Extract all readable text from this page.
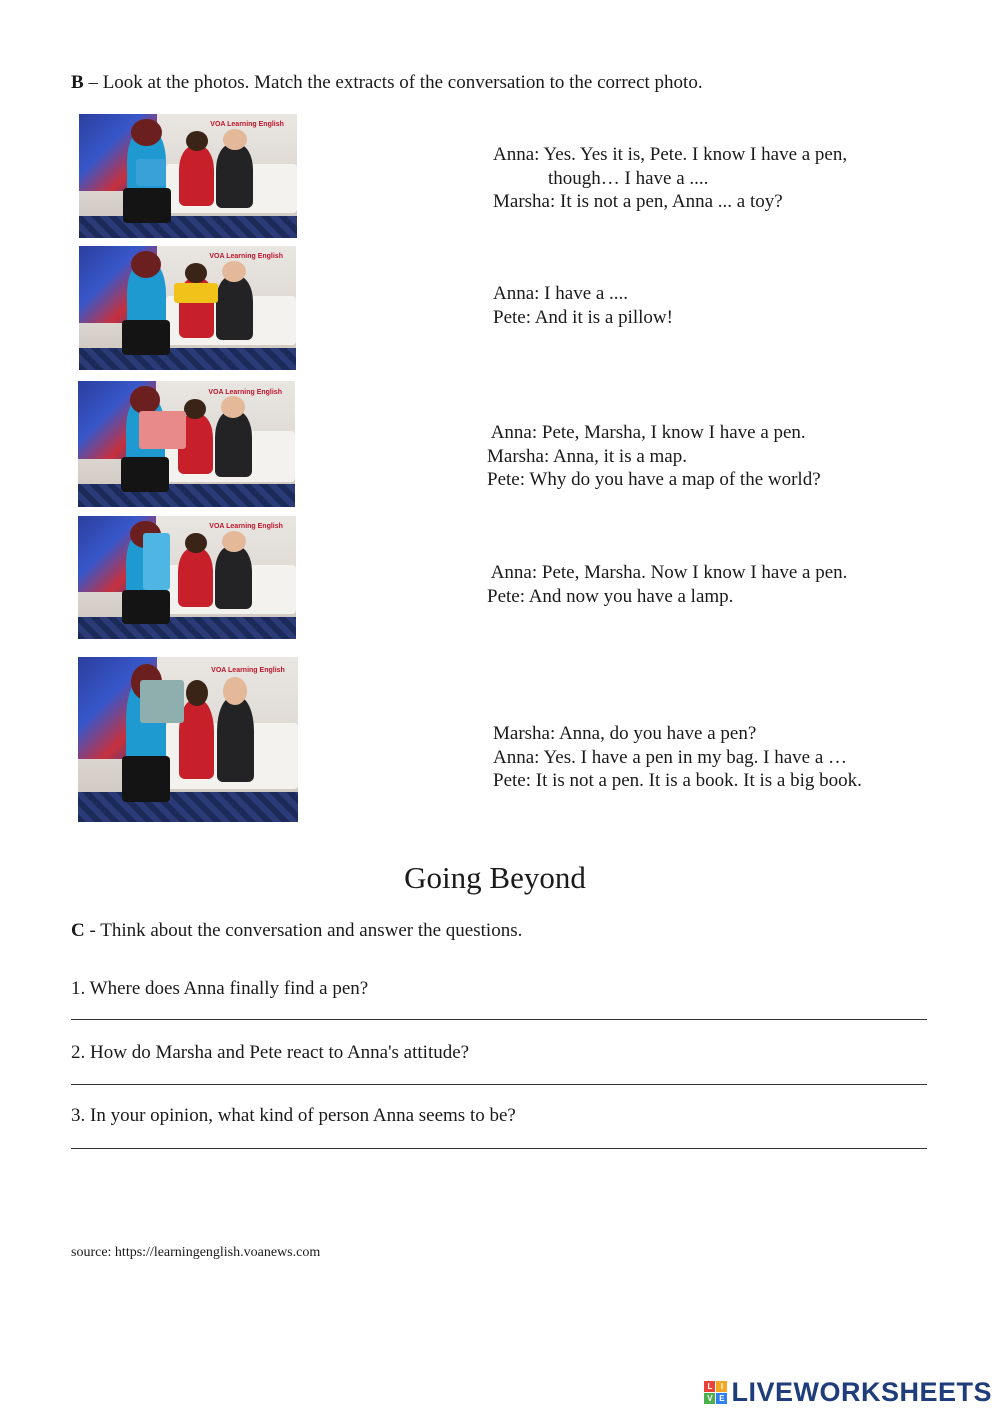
B – Look at the photos. Match the extracts of the conversation to the correct photo.
VOA Learning English
VOA Learning English
VOA Learning English
VOA Learning English
VOA Learning English
Anna: Yes. Yes it is, Pete. I know I have a pen,
though… I have a ....
Marsha: It is not a pen, Anna ... a toy?
Anna: I have a ....
Pete: And it is a pillow!
Anna: Pete, Marsha, I know I have a pen.
Marsha: Anna, it is a map.
Pete: Why do you have a map of the world?
Anna: Pete, Marsha. Now I know I have a pen.
Pete: And now you have a lamp.
Marsha: Anna, do you have a pen?
Anna: Yes. I have a pen in my bag. I have a …
Pete: It is not a pen. It is a book. It is a big book.
Going Beyond
C - Think about the conversation and answer the questions.
1. Where does Anna finally find a pen?
2. How do Marsha and Pete react to Anna's attitude?
3. In your opinion, what kind of person Anna seems to be?
source: https://learningenglish.voanews.com
L	I
V E LIVEWORKSHEETS
